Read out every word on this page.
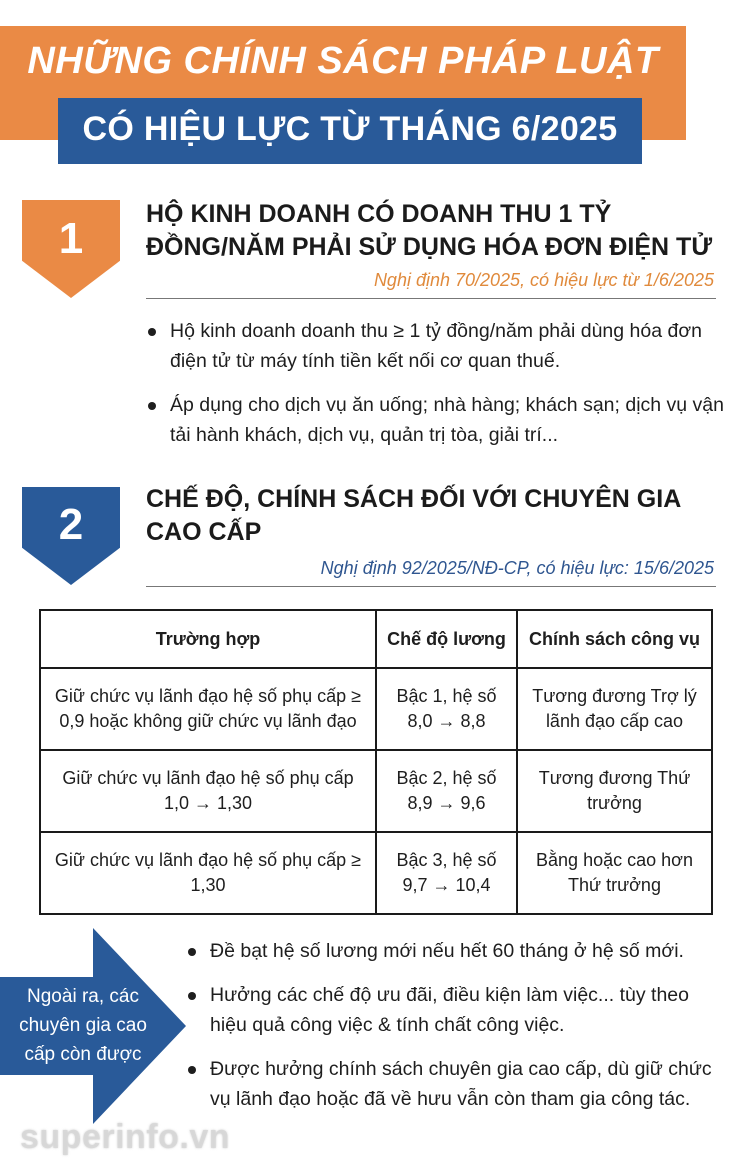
NHỮNG CHÍNH SÁCH PHÁP LUẬT
CÓ HIỆU LỰC TỪ THÁNG 6/2025
1	HỘ KINH DOANH CÓ DOANH THU 1 TỶ
ĐỒNG/NĂM PHẢI SỬ DỤNG HÓA ĐƠN ĐIỆN TỬ
Nghị định 70/2025, có hiệu lực từ 1/6/2025
Hộ kinh doanh doanh thu ≥ 1 tỷ đồng/năm phải dùng hóa đơn điện tử từ máy tính tiền kết nối cơ quan thuế.
Áp dụng cho dịch vụ ăn uống; nhà hàng; khách sạn; dịch vụ vận tải hành khách, dịch vụ, quản trị tòa, giải trí...
2
CHẾ ĐỘ, CHÍNH SÁCH ĐỐI VỚI CHUYÊN GIA
CAO CẤP
Nghị định 92/2025/NĐ-CP, có hiệu lực: 15/6/2025
Trường hợp	Chế độ lương	Chính sách công vụ
Giữ chức vụ lãnh đạo hệ số phụ cấp ≥ 0,9 hoặc không giữ chức vụ lãnh đạo	Bậc 1, hệ số 8,0 → 8,8	Tương đương Trợ lý lãnh đạo cấp cao
Giữ chức vụ lãnh đạo hệ số phụ cấp 1,0 → 1,30	Bậc 2, hệ số 8,9 → 9,6	Tương đương Thứ trưởng
Giữ chức vụ lãnh đạo hệ số phụ cấp ≥ 1,30	Bậc 3, hệ số 9,7 → 10,4	Bằng hoặc cao hơn Thứ trưởng
Ngoài ra, các chuyên gia cao cấp còn được
Đề bạt hệ số lương mới nếu hết 60 tháng ở hệ số mới.
Hưởng các chế độ ưu đãi, điều kiện làm việc... tùy theo hiệu quả công việc & tính chất công việc.
Được hưởng chính sách chuyên gia cao cấp, dù giữ chức vụ lãnh đạo hoặc đã về hưu vẫn còn tham gia công tác.
superinfo.vn
